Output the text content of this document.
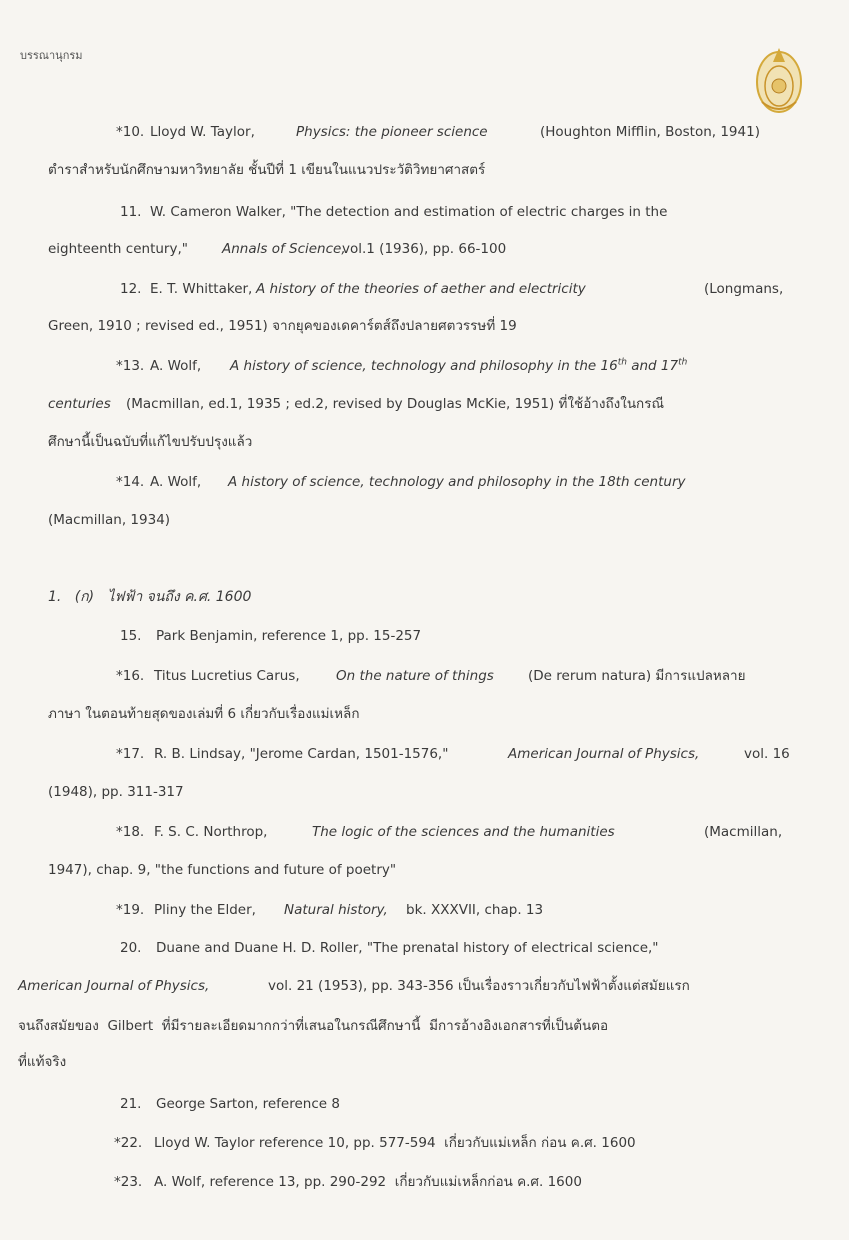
บรรณานุกรม
*10. Lloyd W. Taylor,	Physics: the pioneer science	(Houghton Mifflin, Boston, 1941)
ตำราสำหรับนักศึกษามหาวิทยาลัย ชั้นปีที่ 1 เขียนในแนวประวัติวิทยาศาสตร์
11. W. Cameron Walker, "The detection and estimation of electric charges in the
eighteenth century,"	Annals of Science,
vol.1 (1936), pp. 66-100
12. E. T. Whittaker, A history of the theories of aether and electricity	(Longmans,
Green, 1910 ; revised ed., 1951) จากยุคของเดคาร์ตส์ถึงปลายศตวรรษที่ 19
*13. A. Wolf, A history of science, technology and philosophy in the 16th and 17th
centuries (Macmillan, ed.1, 1935 ; ed.2, revised by Douglas McKie, 1951) ที่ใช้อ้างถึงในกรณี
ศึกษานี้เป็นฉบับที่แก้ไขปรับปรุงแล้ว
*14. A. Wolf, A history of science, technology and philosophy in the 18th century
(Macmillan, 1934)
1.   (ก)   ไฟฟ้า จนถึง ค.ศ. 1600
15. Park Benjamin, reference 1, pp. 15-257
*16. Titus Lucretius Carus,	On the nature of things	(De rerum natura) มีการแปลหลาย
ภาษา ในตอนท้ายสุดของเล่มที่ 6 เกี่ยวกับเรื่องแม่เหล็ก
*17. R. B. Lindsay, "Jerome Cardan, 1501-1576,"	American Journal of Physics,	vol. 16
(1948), pp. 311-317
*18. F. S. C. Northrop,	The logic of the sciences and the humanities	(Macmillan,
1947), chap. 9, "the functions and future of poetry"
*19. Pliny the Elder, Natural history, bk. XXXVII, chap. 13
20. Duane and Duane H. D. Roller, "The prenatal history of electrical science,"
American Journal of Physics,	vol. 21 (1953), pp. 343-356 เป็นเรื่องราวเกี่ยวกับไฟฟ้าตั้งแต่สมัยแรก
จนถึงสมัยของ  Gilbert  ที่มีรายละเอียดมากกว่าที่เสนอในกรณีศึกษานี้  มีการอ้างอิงเอกสารที่เป็นต้นตอ
ที่แท้จริง
21. George Sarton, reference 8
*22. Lloyd W. Taylor reference 10, pp. 577-594  เกี่ยวกับแม่เหล็ก ก่อน ค.ศ. 1600
*23. A. Wolf, reference 13, pp. 290-292  เกี่ยวกับแม่เหล็กก่อน ค.ศ. 1600
